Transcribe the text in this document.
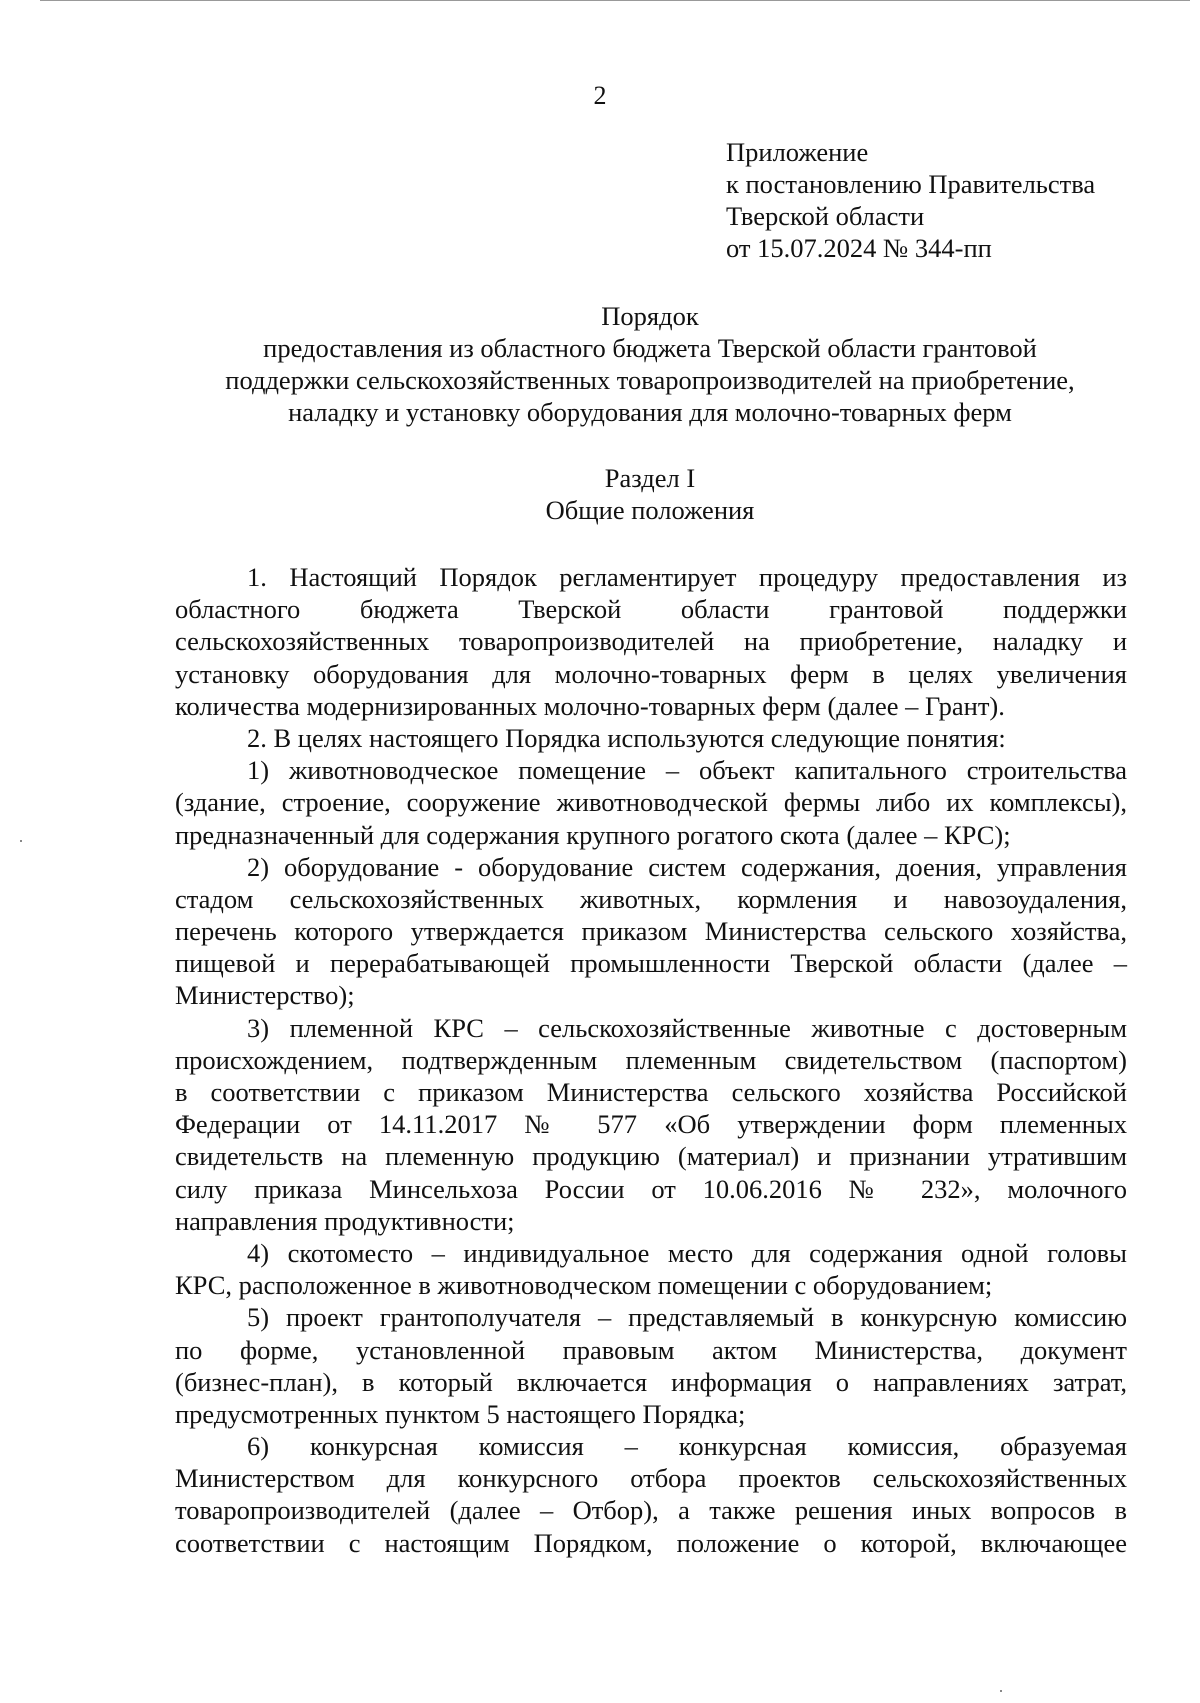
2
Приложение
к постановлению Правительства
Тверской области
от 15.07.2024 № 344-пп
Порядок
предоставления из областного бюджета Тверской области грантовой
поддержки сельскохозяйственных товаропроизводителей на приобретение,
наладку и установку оборудования для молочно-товарных ферм
Раздел I
Общие положения
1. Настоящий Порядок регламентирует процедуру предоставления из
областного бюджета Тверской области грантовой поддержки
сельскохозяйственных товаропроизводителей на приобретение, наладку и
установку оборудования для молочно-товарных ферм в целях увеличения
количества модернизированных молочно-товарных ферм (далее – Грант).
2. В целях настоящего Порядка используются следующие понятия:
1) животноводческое помещение – объект капитального строительства
(здание, строение, сооружение животноводческой фермы либо их комплексы),
предназначенный для содержания крупного рогатого скота (далее – КРС);
2) оборудование - оборудование систем содержания, доения, управления
стадом сельскохозяйственных животных, кормления и навозоудаления,
перечень которого утверждается приказом Министерства сельского хозяйства,
пищевой и перерабатывающей промышленности Тверской области (далее –
Министерство);
3) племенной КРС – сельскохозяйственные животные с достоверным
происхождением, подтвержденным племенным свидетельством (паспортом)
в соответствии с приказом Министерства сельского хозяйства Российской
Федерации от 14.11.2017 № 577 «Об утверждении форм племенных
свидетельств на племенную продукцию (материал) и признании утратившим
силу приказа Минсельхоза России от 10.06.2016 № 232», молочного
направления продуктивности;
4) скотоместо – индивидуальное место для содержания одной головы
КРС, расположенное в животноводческом помещении с оборудованием;
5) проект грантополучателя – представляемый в конкурсную комиссию
по форме, установленной правовым актом Министерства, документ
(бизнес-план), в который включается информация о направлениях затрат,
предусмотренных пунктом 5 настоящего Порядка;
6) конкурсная комиссия – конкурсная комиссия, образуемая
Министерством для конкурсного отбора проектов сельскохозяйственных
товаропроизводителей (далее – Отбор), а также решения иных вопросов в
соответствии с настоящим Порядком, положение о которой, включающее
